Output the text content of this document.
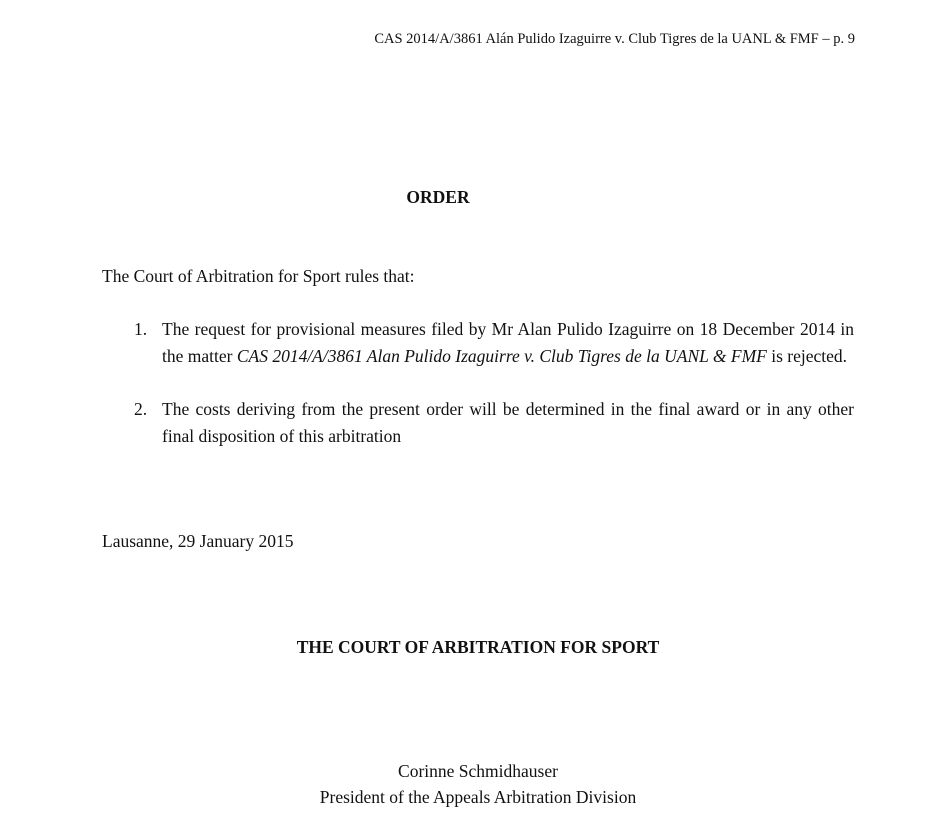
CAS 2014/A/3861 Alán Pulido Izaguirre v. Club Tigres de la UANL & FMF – p. 9
ORDER
The Court of Arbitration for Sport rules that:
1. The request for provisional measures filed by Mr Alan Pulido Izaguirre on 18 December 2014 in the matter CAS 2014/A/3861 Alan Pulido Izaguirre v. Club Tigres de la UANL & FMF is rejected.
2. The costs deriving from the present order will be determined in the final award or in any other final disposition of this arbitration
Lausanne, 29 January 2015
THE COURT OF ARBITRATION FOR SPORT
Corinne Schmidhauser
President of the Appeals Arbitration Division
